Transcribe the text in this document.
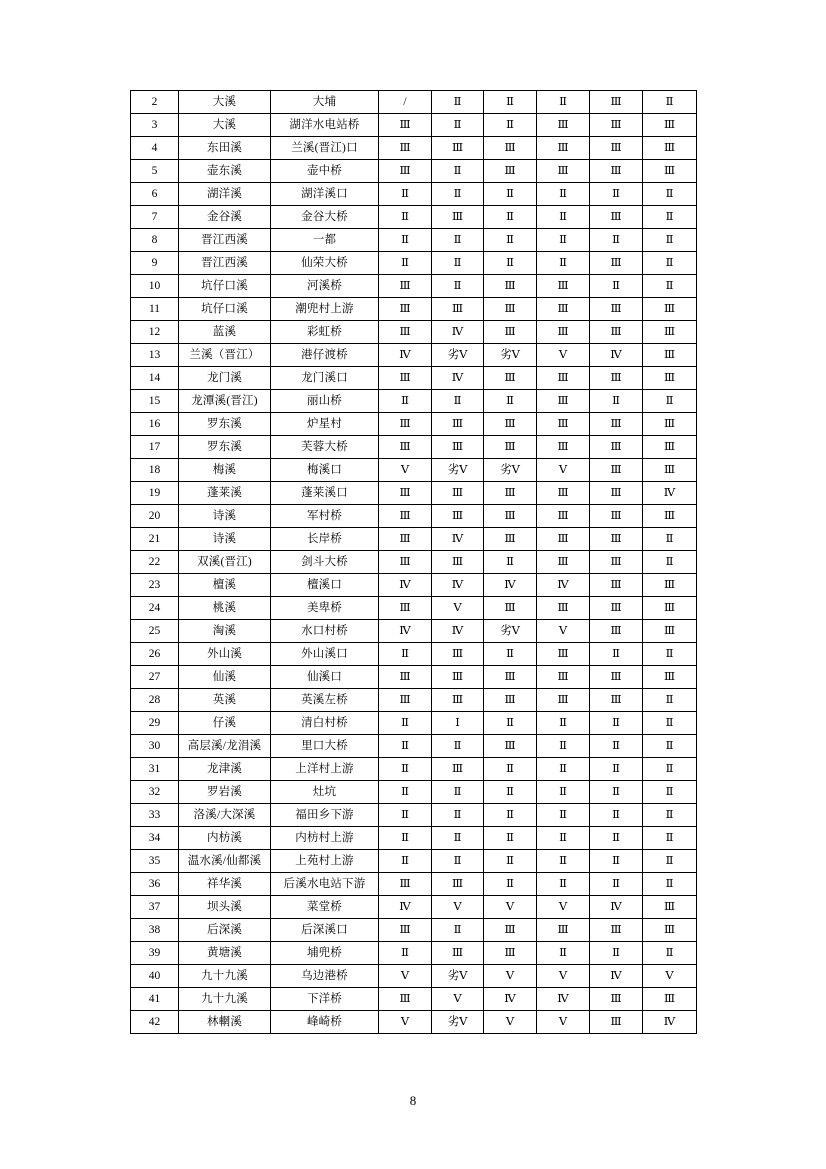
2	大溪	大埔	/	Ⅱ	Ⅱ	Ⅱ	Ⅲ	Ⅱ
3	大溪	湖洋水电站桥	Ⅲ	Ⅱ	Ⅱ	Ⅲ	Ⅲ	Ⅲ
4	东田溪	兰溪(晋江)口	Ⅲ	Ⅲ	Ⅲ	Ⅲ	Ⅲ	Ⅲ
5	壶东溪	壶中桥	Ⅲ	Ⅱ	Ⅲ	Ⅲ	Ⅲ	Ⅲ
6	湖洋溪	湖洋溪口	Ⅱ	Ⅱ	Ⅱ	Ⅱ	Ⅱ	Ⅱ
7	金谷溪	金谷大桥	Ⅱ	Ⅲ	Ⅱ	Ⅱ	Ⅲ	Ⅱ
8	晋江西溪	一都	Ⅱ	Ⅱ	Ⅱ	Ⅱ	Ⅱ	Ⅱ
9	晋江西溪	仙荣大桥	Ⅱ	Ⅱ	Ⅱ	Ⅱ	Ⅲ	Ⅱ
10	坑仔口溪	河溪桥	Ⅲ	Ⅱ	Ⅲ	Ⅲ	Ⅱ	Ⅱ
11	坑仔口溪	潮兜村上游	Ⅲ	Ⅲ	Ⅲ	Ⅲ	Ⅲ	Ⅲ
12	蓝溪	彩虹桥	Ⅲ	Ⅳ	Ⅲ	Ⅲ	Ⅲ	Ⅲ
13	兰溪（晋江）	港仔渡桥	Ⅳ	劣Ⅴ	劣Ⅴ	Ⅴ	Ⅳ	Ⅲ
14	龙门溪	龙门溪口	Ⅲ	Ⅳ	Ⅲ	Ⅲ	Ⅲ	Ⅲ
15	龙潭溪(晋江)	丽山桥	Ⅱ	Ⅱ	Ⅱ	Ⅲ	Ⅱ	Ⅱ
16	罗东溪	炉星村	Ⅲ	Ⅲ	Ⅲ	Ⅲ	Ⅲ	Ⅲ
17	罗东溪	芙蓉大桥	Ⅲ	Ⅲ	Ⅲ	Ⅲ	Ⅲ	Ⅲ
18	梅溪	梅溪口	Ⅴ	劣Ⅴ	劣Ⅴ	Ⅴ	Ⅲ	Ⅲ
19	蓬莱溪	蓬莱溪口	Ⅲ	Ⅲ	Ⅲ	Ⅲ	Ⅲ	Ⅳ
20	诗溪	军村桥	Ⅲ	Ⅲ	Ⅲ	Ⅲ	Ⅲ	Ⅲ
21	诗溪	长岸桥	Ⅲ	Ⅳ	Ⅲ	Ⅲ	Ⅲ	Ⅱ
22	双溪(晋江)	剑斗大桥	Ⅲ	Ⅲ	Ⅱ	Ⅲ	Ⅲ	Ⅱ
23	檀溪	檀溪口	Ⅳ	Ⅳ	Ⅳ	Ⅳ	Ⅲ	Ⅲ
24	桃溪	美卑桥	Ⅲ	Ⅴ	Ⅲ	Ⅲ	Ⅲ	Ⅲ
25	淘溪	水口村桥	Ⅳ	Ⅳ	劣Ⅴ	Ⅴ	Ⅲ	Ⅲ
26	外山溪	外山溪口	Ⅱ	Ⅲ	Ⅱ	Ⅲ	Ⅱ	Ⅱ
27	仙溪	仙溪口	Ⅲ	Ⅲ	Ⅲ	Ⅲ	Ⅲ	Ⅲ
28	英溪	英溪左桥	Ⅲ	Ⅲ	Ⅲ	Ⅲ	Ⅲ	Ⅱ
29	仔溪	清白村桥	Ⅱ	Ⅰ	Ⅱ	Ⅱ	Ⅱ	Ⅱ
30	高层溪/龙涓溪	里口大桥	Ⅱ	Ⅱ	Ⅲ	Ⅱ	Ⅱ	Ⅱ
31	龙津溪	上洋村上游	Ⅱ	Ⅲ	Ⅱ	Ⅱ	Ⅱ	Ⅱ
32	罗岩溪	灶坑	Ⅱ	Ⅱ	Ⅱ	Ⅱ	Ⅱ	Ⅱ
33	洛溪/大深溪	福田乡下游	Ⅱ	Ⅱ	Ⅱ	Ⅱ	Ⅱ	Ⅱ
34	内枋溪	内枋村上游	Ⅱ	Ⅱ	Ⅱ	Ⅱ	Ⅱ	Ⅱ
35	温水溪/仙都溪	上苑村上游	Ⅱ	Ⅱ	Ⅱ	Ⅱ	Ⅱ	Ⅱ
36	祥华溪	后溪水电站下游	Ⅲ	Ⅲ	Ⅱ	Ⅱ	Ⅱ	Ⅱ
37	坝头溪	菜堂桥	Ⅳ	Ⅴ	Ⅴ	Ⅴ	Ⅳ	Ⅲ
38	后深溪	后深溪口	Ⅲ	Ⅱ	Ⅲ	Ⅲ	Ⅲ	Ⅲ
39	黄塘溪	埔兜桥	Ⅱ	Ⅲ	Ⅲ	Ⅱ	Ⅱ	Ⅱ
40	九十九溪	乌边港桥	Ⅴ	劣Ⅴ	Ⅴ	Ⅴ	Ⅳ	Ⅴ
41	九十九溪	下洋桥	Ⅲ	Ⅴ	Ⅳ	Ⅳ	Ⅲ	Ⅲ
42	林輞溪	峰崎桥	Ⅴ	劣Ⅴ	Ⅴ	Ⅴ	Ⅲ	Ⅳ
8
